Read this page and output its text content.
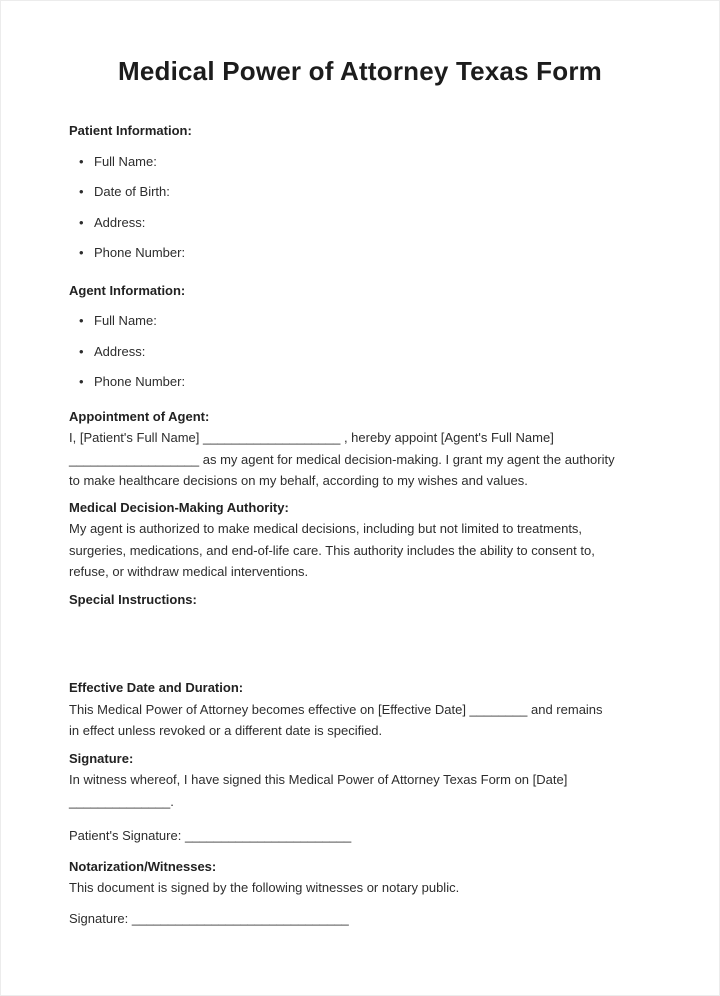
Medical Power of Attorney Texas Form
Patient Information:
• Full Name:
• Date of Birth:
• Address:
• Phone Number:
Agent Information:
• Full Name:
• Address:
• Phone Number:
Appointment of Agent:
I, [Patient's Full Name] ___________________ , hereby appoint [Agent's Full Name]
__________________ as my agent for medical decision-making. I grant my agent the authority
to make healthcare decisions on my behalf, according to my wishes and values.
Medical Decision-Making Authority:
My agent is authorized to make medical decisions, including but not limited to treatments,
surgeries, medications, and end-of-life care. This authority includes the ability to consent to,
refuse, or withdraw medical interventions.
Special Instructions:
Effective Date and Duration:
This Medical Power of Attorney becomes effective on [Effective Date] ________ and remains
in effect unless revoked or a different date is specified.
Signature:
In witness whereof, I have signed this Medical Power of Attorney Texas Form on [Date]
______________.
Patient's Signature: _______________________
Notarization/Witnesses:
This document is signed by the following witnesses or notary public.
Signature: ______________________________
